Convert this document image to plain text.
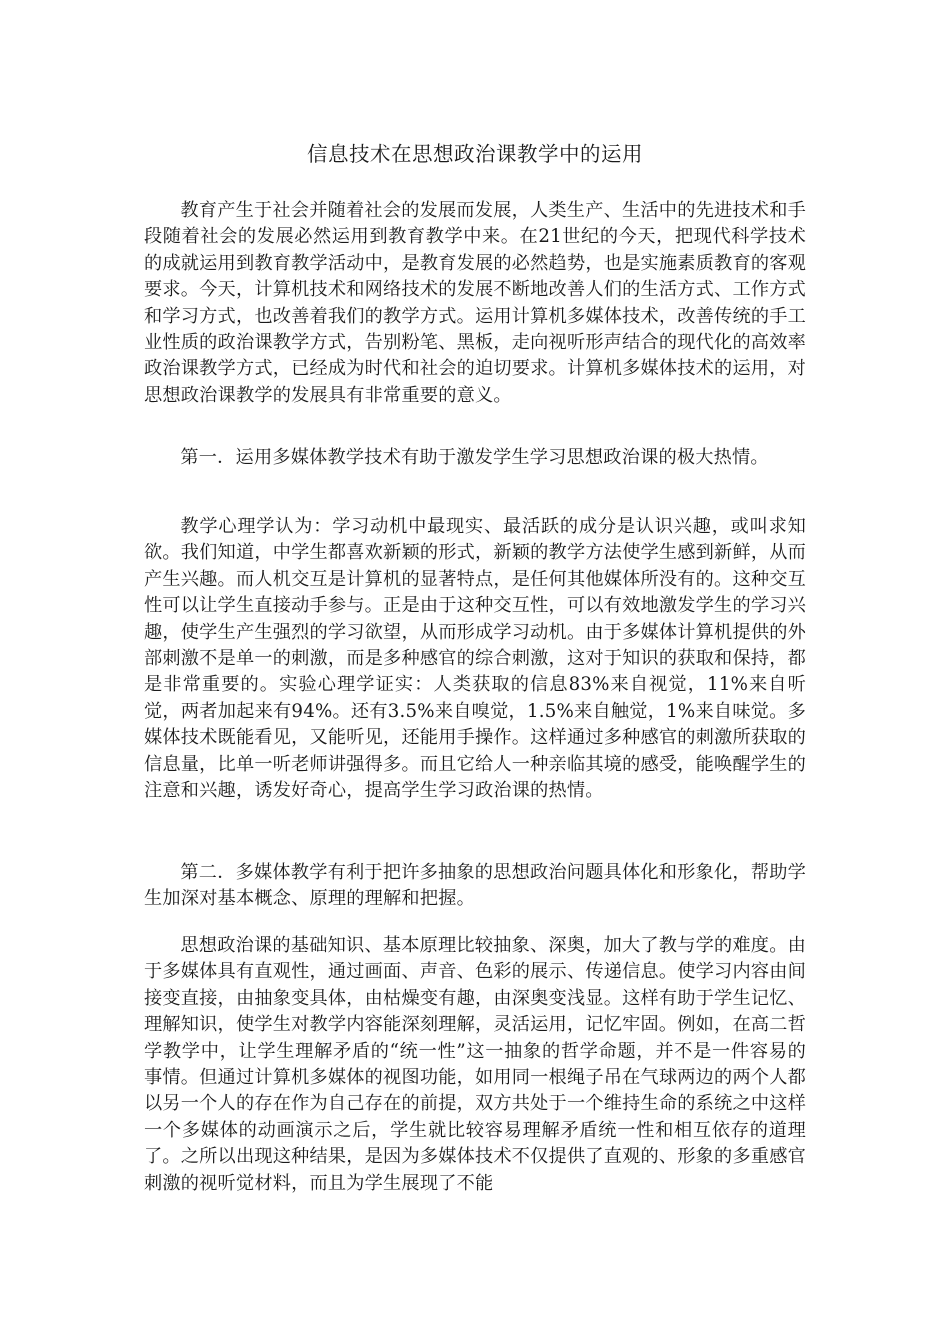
信息技术在思想政治课教学中的运用

教育产生于社会并随着社会的发展而发展，人类生产、生活中的先进技术和手段随着社会的发展必然运用到教育教学中来。在21世纪的今天，把现代科学技术的成就运用到教育教学活动中，是教育发展的必然趋势，也是实施素质教育的客观要求。今天，计算机技术和网络技术的发展不断地改善人们的生活方式、工作方式和学习方式，也改善着我们的教学方式。运用计算机多媒体技术，改善传统的手工业性质的政治课教学方式，告别粉笔、黑板，走向视听形声结合的现代化的高效率政治课教学方式，已经成为时代和社会的迫切要求。计算机多媒体技术的运用，对思想政治课教学的发展具有非常重要的意义。

第一．运用多媒体教学技术有助于激发学生学习思想政治课的极大热情。

教学心理学认为：学习动机中最现实、最活跃的成分是认识兴趣，或叫求知欲。我们知道，中学生都喜欢新颖的形式，新颖的教学方法使学生感到新鲜，从而产生兴趣。而人机交互是计算机的显著特点，是任何其他媒体所没有的。这种交互性可以让学生直接动手参与。正是由于这种交互性，可以有效地激发学生的学习兴趣，使学生产生强烈的学习欲望，从而形成学习动机。由于多媒体计算机提供的外部刺激不是单一的刺激，而是多种感官的综合刺激，这对于知识的获取和保持，都是非常重要的。实验心理学证实：人类获取的信息83%来自视觉，11%来自听觉，两者加起来有94%。还有3.5%来自嗅觉，1.5%来自触觉，1%来自味觉。多媒体技术既能看见，又能听见，还能用手操作。这样通过多种感官的刺激所获取的信息量，比单一听老师讲强得多。而且它给人一种亲临其境的感受，能唤醒学生的注意和兴趣，诱发好奇心，提高学生学习政治课的热情。

第二．多媒体教学有利于把许多抽象的思想政治问题具体化和形象化，帮助学生加深对基本概念、原理的理解和把握。

思想政治课的基础知识、基本原理比较抽象、深奥，加大了教与学的难度。由于多媒体具有直观性，通过画面、声音、色彩的展示、传递信息。使学习内容由间接变直接，由抽象变具体，由枯燥变有趣，由深奥变浅显。这样有助于学生记忆、理解知识，使学生对教学内容能深刻理解，灵活运用，记忆牢固。例如，在高二哲学教学中，让学生理解矛盾的“统一性”这一抽象的哲学命题，并不是一件容易的事情。但通过计算机多媒体的视图功能，如用同一根绳子吊在气球两边的两个人都以另一个人的存在作为自己存在的前提，双方共处于一个维持生命的系统之中这样一个多媒体的动画演示之后，学生就比较容易理解矛盾统一性和相互依存的道理了。之所以出现这种结果，是因为多媒体技术不仅提供了直观的、形象的多重感官刺激的视听觉材料，而且为学生展现了不能
